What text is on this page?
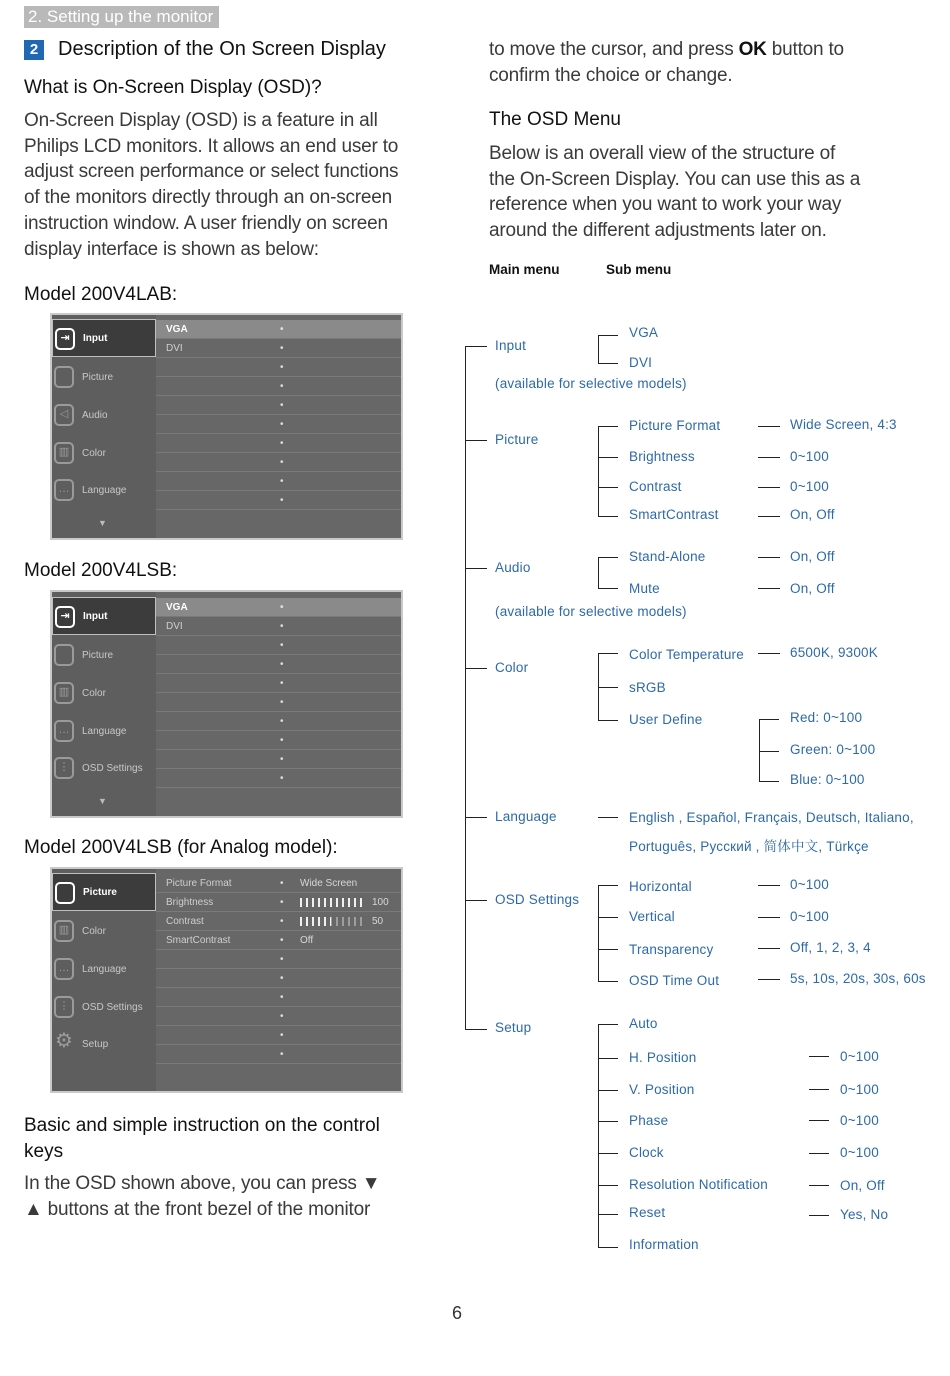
2. Setting up the monitor
2 Description of the On Screen Display
What is On-Screen Display (OSD)?
On-Screen Display (OSD) is a feature in all
Philips LCD monitors. It allows an end user to
adjust screen performance or select functions
of the monitors directly through an on-screen
instruction window. A user friendly on screen
display interface is shown as below:
Model 200V4LAB:
⇥	Input
Picture
◁	Audio
▥	Color
…	Language
▼
VGA	•
DVI	•
•
•
•
•
•
•
•
•
Model 200V4LSB:
⇥	Input
Picture
▥	Color
…	Language
⋮	OSD Settings
▼
VGA	•
DVI	•
•
•
•
•
•
•
•
•
Model 200V4LSB (for Analog model):
Picture
▥	Color
…	Language
⋮	OSD Settings
⚙ Setup
Picture Format	• Wide Screen
Brightness	•	100
Contrast	•	50
SmartContrast	• Off
•
•
•
•
•
•
Basic and simple instruction on the control
keys
In the OSD shown above, you can press ▼
▲ buttons at the front bezel of the monitor
to move the cursor, and press OK button to
confirm the choice or change.
The OSD Menu
Below is an overall view of the structure of
the On-Screen Display. You can use this as a
reference when you want to work your way
around the different adjustments later on.
Main menu	Sub menu
Input
VGA
DVI
(available for selective models)
Picture
Picture Format
Brightness
Contrast
SmartContrast
Wide Screen, 4:3
0~100
0~100
On, Off
Audio
Stand-Alone
Mute
On, Off
On, Off
(available for selective models)
Color
Color Temperature
sRGB
User Define
6500K, 9300K
Red: 0~100
Green: 0~100
Blue: 0~100
Language	English , Español, Français, Deutsch, Italiano,
Português, Русский , 简体中文, Türkçe
OSD Settings
Horizontal
Vertical
Transparency
OSD Time Out
0~100
0~100
Off, 1, 2, 3, 4
5s, 10s, 20s, 30s, 60s
Setup	Auto
H. Position
V. Position
Phase
Clock
Resolution Notification
Reset
Information
0~100
0~100
0~100
0~100
On, Off
Yes, No
6
